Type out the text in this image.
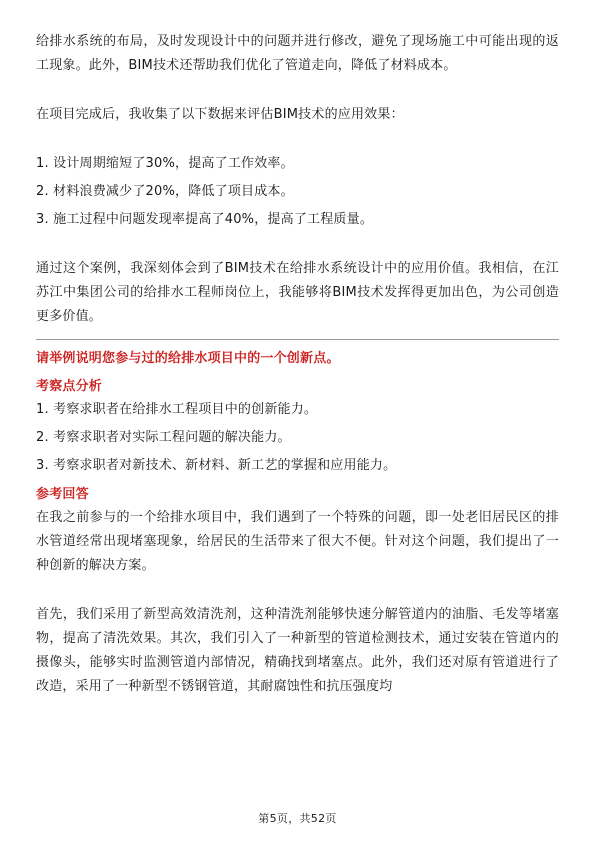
给排水系统的布局，及时发现设计中的问题并进行修改，避免了现场施工中可能出现的返工现象。此外，BIM技术还帮助我们优化了管道走向，降低了材料成本。

在项目完成后，我收集了以下数据来评估BIM技术的应用效果：

1. 设计周期缩短了30%，提高了工作效率。

2. 材料浪费减少了20%，降低了项目成本。

3. 施工过程中问题发现率提高了40%，提高了工程质量。

通过这个案例，我深刻体会到了BIM技术在给排水系统设计中的应用价值。我相信，在江苏江中集团公司的给排水工程师岗位上，我能够将BIM技术发挥得更加出色，为公司创造更多价值。

请举例说明您参与过的给排水项目中的一个创新点。

考察点分析

1. 考察求职者在给排水工程项目中的创新能力。

2. 考察求职者对实际工程问题的解决能力。

3. 考察求职者对新技术、新材料、新工艺的掌握和应用能力。

参考回答

在我之前参与的一个给排水项目中，我们遇到了一个特殊的问题，即一处老旧居民区的排水管道经常出现堵塞现象，给居民的生活带来了很大不便。针对这个问题，我们提出了一种创新的解决方案。

首先，我们采用了新型高效清洗剂，这种清洗剂能够快速分解管道内的油脂、毛发等堵塞物，提高了清洗效果。其次，我们引入了一种新型的管道检测技术，通过安装在管道内的摄像头，能够实时监测管道内部情况，精确找到堵塞点。此外，我们还对原有管道进行了改造，采用了一种新型不锈钢管道，其耐腐蚀性和抗压强度均

第5页，共52页
